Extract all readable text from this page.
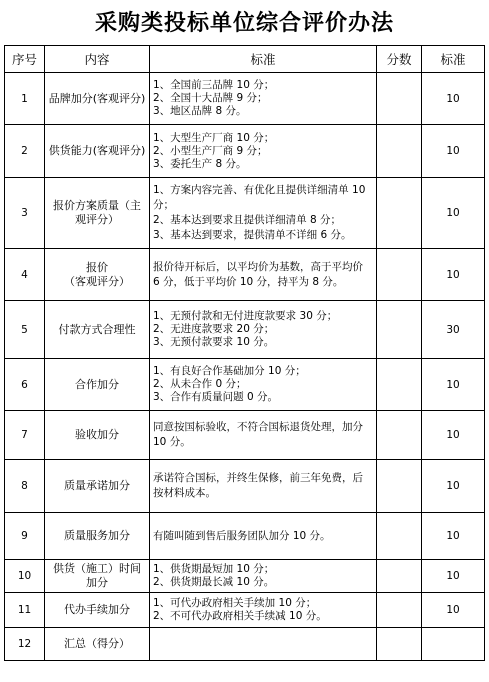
采购类投标单位综合评价办法
序号	内容	标准	分数	标准
1	品牌加分(客观评分)	1、全国前三品牌 10 分；
2、全国十大品牌 9 分；
3、地区品牌 8 分。		10
2	供货能力(客观评分)	1、大型生产厂商 10 分；
2、小型生产厂商 9 分；
3、委托生产 8 分。		10
3	报价方案质量（主观评分）	1、方案内容完善、有优化且提供详细清单 10 分；
2、基本达到要求且提供详细清单 8 分；
3、基本达到要求，提供清单不详细 6 分。		10
4	报价
（客观评分）	报价待开标后，以平均价为基数，高于平均价 6 分，低于平均价 10 分，持平为 8 分。		10
5	付款方式合理性	1、无预付款和无付进度款要求 30 分；
2、无进度款要求 20 分；
3、无预付款要求 10 分。		30
6	合作加分	1、有良好合作基础加分 10 分；
2、从未合作 0 分；
3、合作有质量问题 0 分。		10
7	验收加分	同意按国标验收，不符合国标退货处理，加分 10 分。		10
8	质量承诺加分	承诺符合国标，并终生保修，前三年免费，后按材料成本。		10
9	质量服务加分	有随叫随到售后服务团队加分 10 分。		10
10	供货（施工）时间加分	1、供货期最短加 10 分；
2、供货期最长减 10 分。		10
11	代办手续加分	1、可代办政府相关手续加 10 分；
2、不可代办政府相关手续减 10 分。		10
12	汇总（得分）			
